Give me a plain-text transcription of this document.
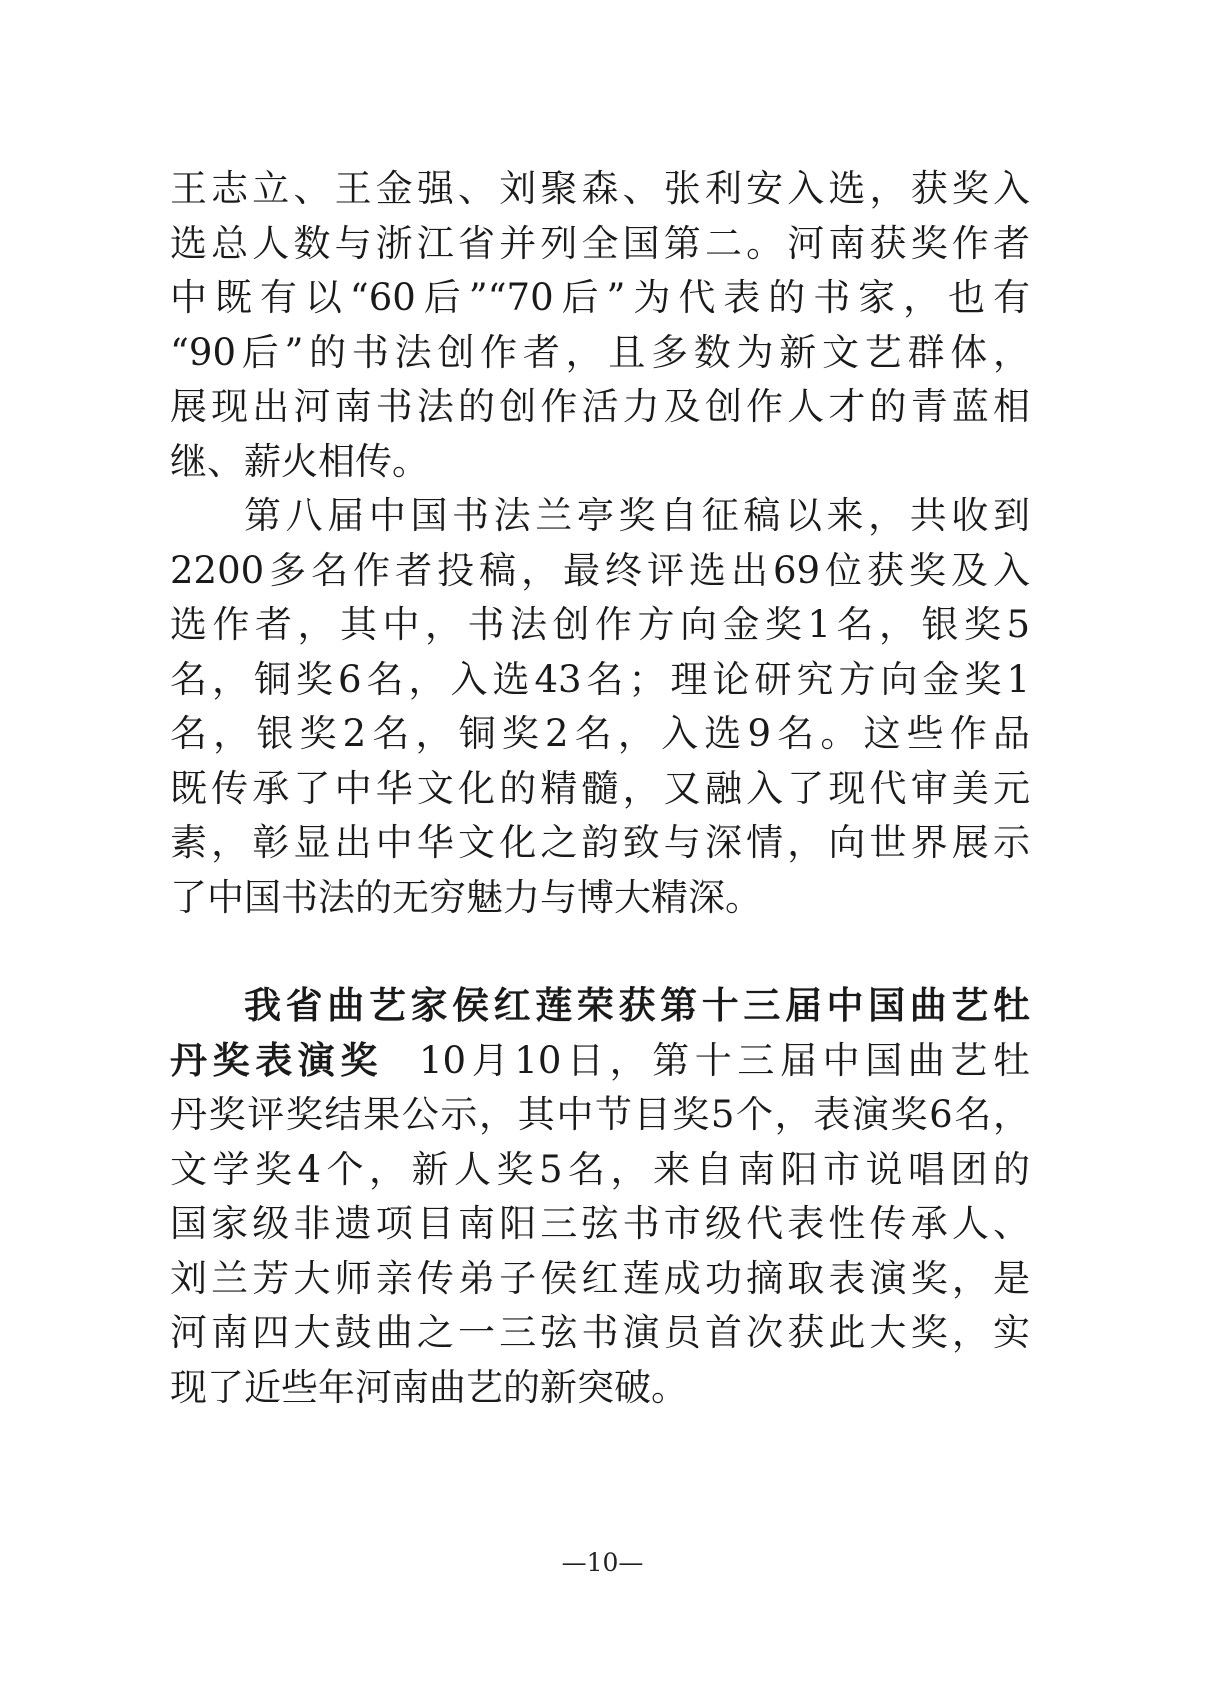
王志立、王金强、刘聚森、张利安入选，获奖入
选总人数与浙江省并列全国第二。河南获奖作者
中既有以“60后”“70后”为代表的书家，也有
“90后”的书法创作者，且多数为新文艺群体，
展现出河南书法的创作活力及创作人才的青蓝相
继、薪火相传。
第八届中国书法兰亭奖自征稿以来，共收到
2200多名作者投稿，最终评选出69位获奖及入
选作者，其中，书法创作方向金奖1名，银奖5
名，铜奖6名，入选43名；理论研究方向金奖1
名，银奖2名，铜奖2名，入选9名。这些作品
既传承了中华文化的精髓，又融入了现代审美元
素，彰显出中华文化之韵致与深情，向世界展示
了中国书法的无穷魅力与博大精深。
我省曲艺家侯红莲荣获第十三届中国曲艺牡
丹奖表演奖 10月10日，第十三届中国曲艺牡
丹奖评奖结果公示，其中节目奖5个，表演奖6名，
文学奖4个，新人奖5名，来自南阳市说唱团的
国家级非遗项目南阳三弦书市级代表性传承人、
刘兰芳大师亲传弟子侯红莲成功摘取表演奖，是
河南四大鼓曲之一三弦书演员首次获此大奖，实
现了近些年河南曲艺的新突破。
—10—
